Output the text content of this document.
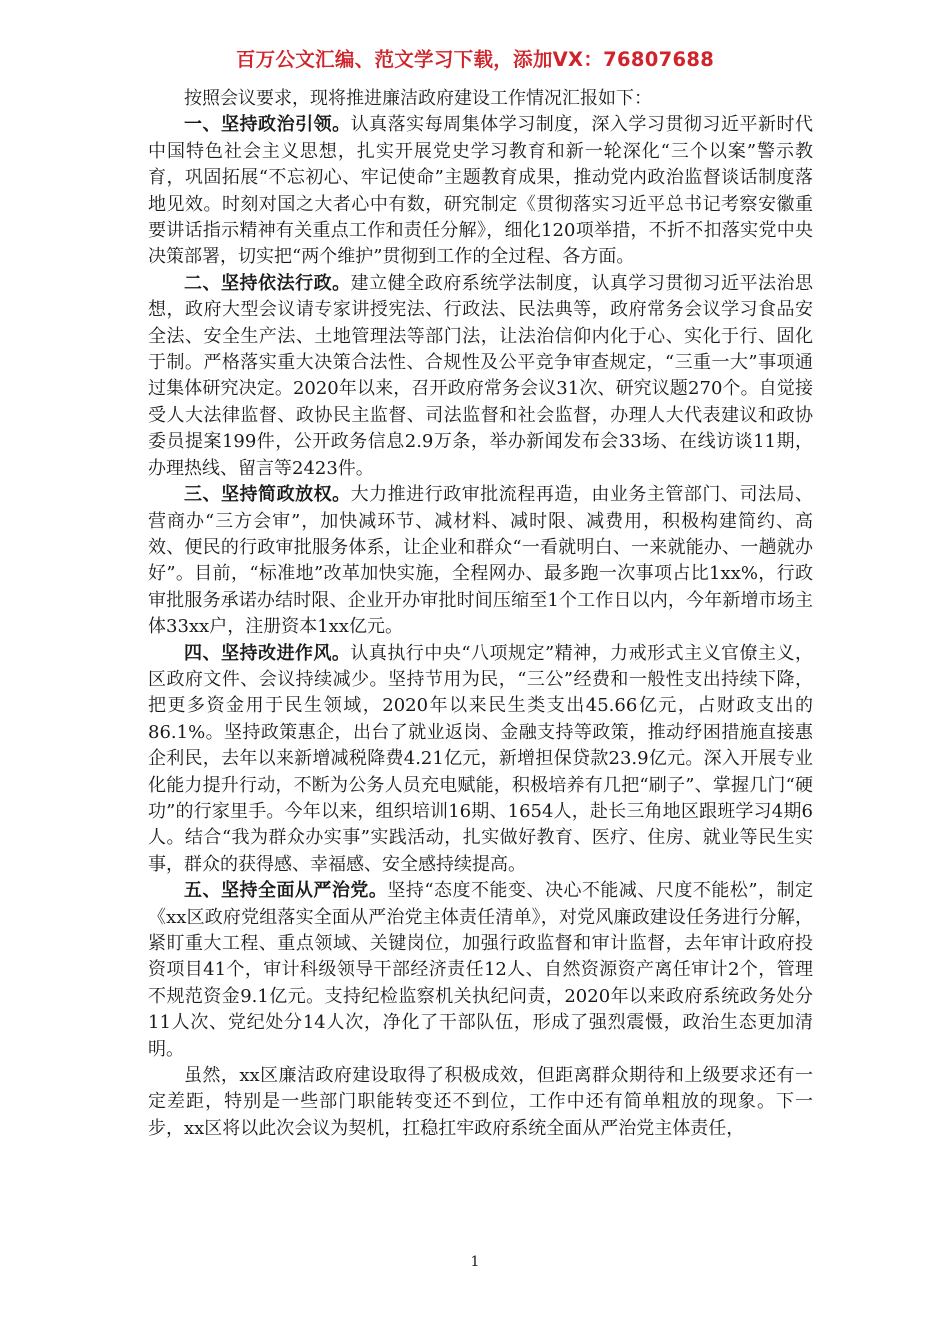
百万公文汇编、范文学习下载，添加VX：76807688

按照会议要求，现将推进廉洁政府建设工作情况汇报如下：

一、坚持政治引领。认真落实每周集体学习制度，深入学习贯彻习近平新时代中国特色社会主义思想，扎实开展党史学习教育和新一轮深化“三个以案”警示教育，巩固拓展“不忘初心、牢记使命”主题教育成果，推动党内政治监督谈话制度落地见效。时刻对国之大者心中有数，研究制定《贯彻落实习近平总书记考察安徽重要讲话指示精神有关重点工作和责任分解》，细化120项举措，不折不扣落实党中央决策部署，切实把“两个维护”贯彻到工作的全过程、各方面。

二、坚持依法行政。建立健全政府系统学法制度，认真学习贯彻习近平法治思想，政府大型会议请专家讲授宪法、行政法、民法典等，政府常务会议学习食品安全法、安全生产法、土地管理法等部门法，让法治信仰内化于心、实化于行、固化于制。严格落实重大决策合法性、合规性及公平竞争审查规定，“三重一大”事项通过集体研究决定。2020年以来，召开政府常务会议31次、研究议题270个。自觉接受人大法律监督、政协民主监督、司法监督和社会监督，办理人大代表建议和政协委员提案199件，公开政务信息2.9万条，举办新闻发布会33场、在线访谈11期，办理热线、留言等2423件。

三、坚持简政放权。大力推进行政审批流程再造，由业务主管部门、司法局、营商办“三方会审”，加快减环节、减材料、减时限、减费用，积极构建简约、高效、便民的行政审批服务体系，让企业和群众“一看就明白、一来就能办、一趟就办好”。目前，“标准地”改革加快实施，全程网办、最多跑一次事项占比1xx%，行政审批服务承诺办结时限、企业开办审批时间压缩至1个工作日以内，今年新增市场主体33xx户，注册资本1xx亿元。

四、坚持改进作风。认真执行中央“八项规定”精神，力戒形式主义官僚主义，区政府文件、会议持续减少。坚持节用为民，“三公”经费和一般性支出持续下降，把更多资金用于民生领域，2020年以来民生类支出45.66亿元，占财政支出的86.1%。坚持政策惠企，出台了就业返岗、金融支持等政策，推动纾困措施直接惠企利民，去年以来新增减税降费4.21亿元，新增担保贷款23.9亿元。深入开展专业化能力提升行动，不断为公务人员充电赋能，积极培养有几把“刷子”、掌握几门“硬功”的行家里手。今年以来，组织培训16期、1654人，赴长三角地区跟班学习4期6人。结合“我为群众办实事”实践活动，扎实做好教育、医疗、住房、就业等民生实事，群众的获得感、幸福感、安全感持续提高。

五、坚持全面从严治党。坚持“态度不能变、决心不能减、尺度不能松”，制定《xx区政府党组落实全面从严治党主体责任清单》，对党风廉政建设任务进行分解，紧盯重大工程、重点领域、关键岗位，加强行政监督和审计监督，去年审计政府投资项目41个，审计科级领导干部经济责任12人、自然资源资产离任审计2个，管理不规范资金9.1亿元。支持纪检监察机关执纪问责，2020年以来政府系统政务处分11人次、党纪处分14人次，净化了干部队伍，形成了强烈震慑，政治生态更加清明。

虽然，xx区廉洁政府建设取得了积极成效，但距离群众期待和上级要求还有一定差距，特别是一些部门职能转变还不到位，工作中还有简单粗放的现象。下一步，xx区将以此次会议为契机，扛稳扛牢政府系统全面从严治党主体责任，

1
